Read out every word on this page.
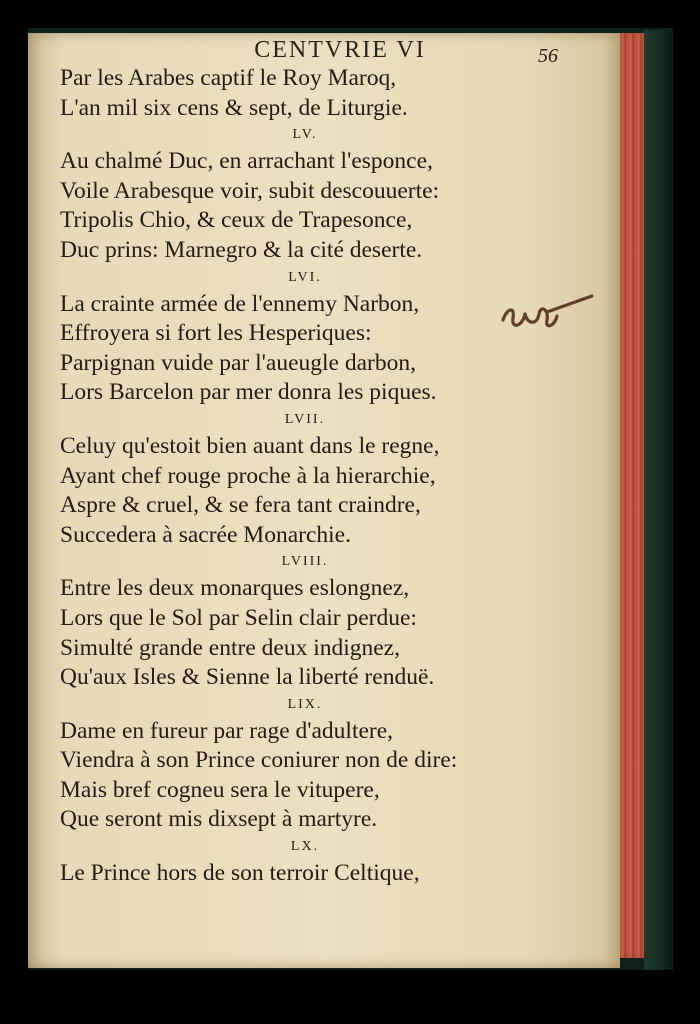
CENTVRIE VI	56
Par les Arabes captif le Roy Maroq,
L'an mil six cens & sept, de Liturgie.
LV.
Au chalmé Duc, en arrachant l'esponce,
Voile Arabesque voir, subit descouuerte:
Tripolis Chio, & ceux de Trapesonce,
Duc prins: Marnegro & la cité deserte.
LVI.
La crainte armée de l'ennemy Narbon,
Effroyera si fort les Hesperiques:
Parpignan vuide par l'aueugle darbon,
Lors Barcelon par mer donra les piques.
LVII.
Celuy qu'estoit bien auant dans le regne,
Ayant chef rouge proche à la hierarchie,
Aspre & cruel, & se fera tant craindre,
Succedera à sacrée Monarchie.
LVIII.
Entre les deux monarques eslongnez,
Lors que le Sol par Selin clair perdue:
Simulté grande entre deux indignez,
Qu'aux Isles & Sienne la liberté renduë.
LIX.
Dame en fureur par rage d'adultere,
Viendra à son Prince coniurer non de dire:
Mais bref cogneu sera le vitupere,
Que seront mis dixsept à martyre.
LX.
Le Prince hors de son terroir Celtique,
